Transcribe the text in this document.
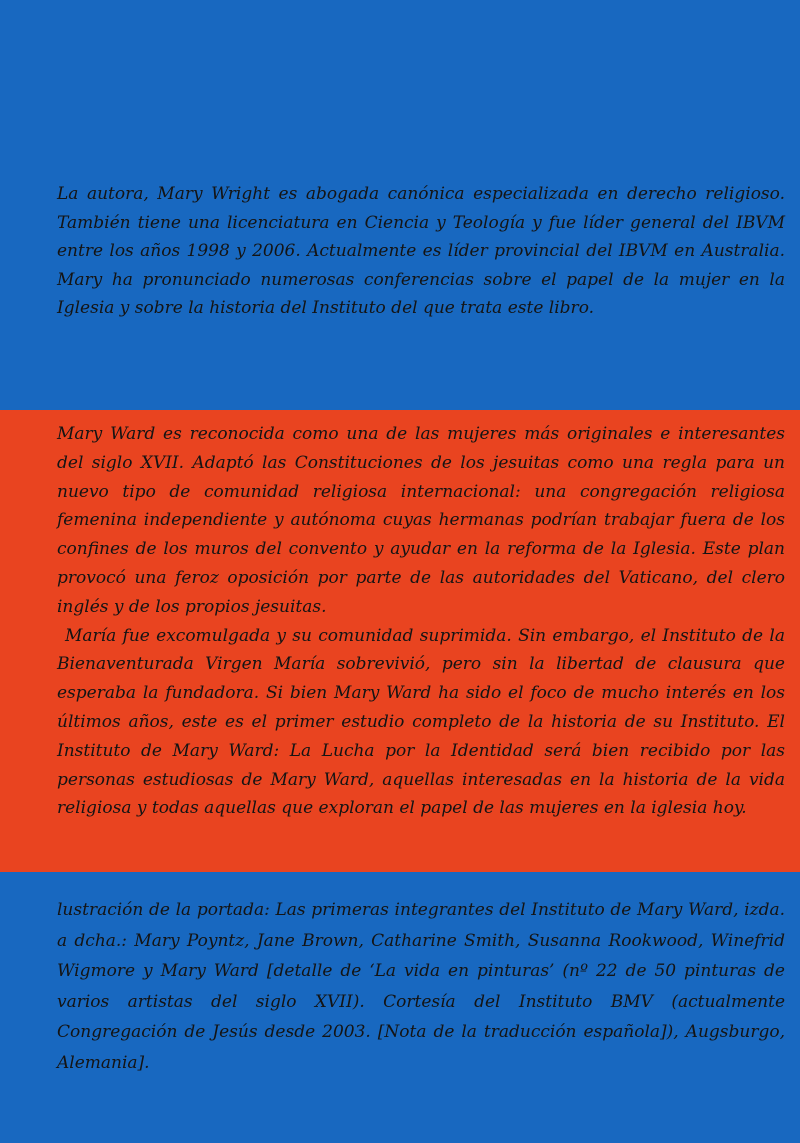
La autora, Mary Wright es abogada canónica especializada en derecho religioso. También tiene una licenciatura en Ciencia y Teología y fue líder general del IBVM entre los años 1998 y 2006. Actualmente es líder provincial del IBVM en Australia. Mary ha pronunciado numerosas conferencias sobre el papel de la mujer en la Iglesia y sobre la historia del Instituto del que trata este libro.

Mary Ward es reconocida como una de las mujeres más originales e interesantes del siglo XVII. Adaptó las Constituciones de los jesuitas como una regla para un nuevo tipo de comunidad religiosa internacional: una congregación religiosa femenina independiente y autónoma cuyas hermanas podrían trabajar fuera de los confines de los muros del convento y ayudar en la reforma de la Iglesia. Este plan provocó una feroz oposición por parte de las autoridades del Vaticano, del clero inglés y de los propios jesuitas.

María fue excomulgada y su comunidad suprimida. Sin embargo, el Instituto de la Bienaventurada Virgen María sobrevivió, pero sin la libertad de clausura que esperaba la fundadora. Si bien Mary Ward ha sido el foco de mucho interés en los últimos años, este es el primer estudio completo de la historia de su Instituto. El Instituto de Mary Ward: La Lucha por la Identidad será bien recibido por las personas estudiosas de Mary Ward, aquellas interesadas en la historia de la vida religiosa y todas aquellas que exploran el papel de las mujeres en la iglesia hoy.

lustración de la portada: Las primeras integrantes del Instituto de Mary Ward, izda. a dcha.: Mary Poyntz, Jane Brown, Catharine Smith, Susanna Rookwood, Winefrid Wigmore y Mary Ward [detalle de ‘La vida en pinturas’ (nº 22 de 50 pinturas de varios artistas del siglo XVII). Cortesía del Instituto BMV (actualmente Congregación de Jesús desde 2003. [Nota de la traducción española]), Augsburgo, Alemania].
